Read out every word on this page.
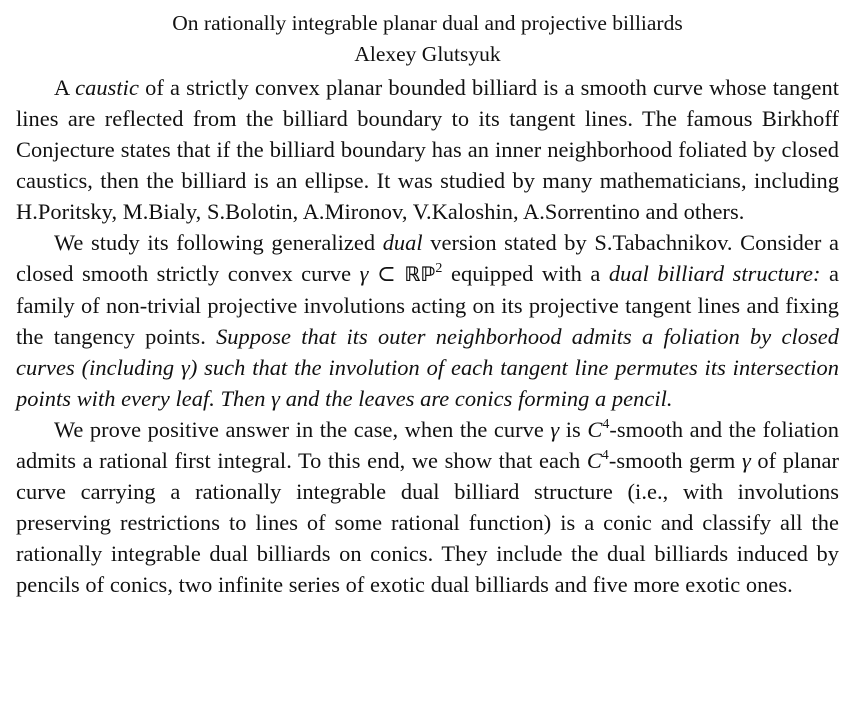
On rationally integrable planar dual and projective billiards
Alexey Glutsyuk

A caustic of a strictly convex planar bounded billiard is a smooth curve whose tangent lines are reflected from the billiard boundary to its tangent lines. The famous Birkhoff Conjecture states that if the billiard boundary has an inner neighborhood foliated by closed caustics, then the billiard is an ellipse. It was studied by many mathematicians, including H.Poritsky, M.Bialy, S.Bolotin, A.Mironov, V.Kaloshin, A.Sorrentino and others.

We study its following generalized dual version stated by S.Tabachnikov. Consider a closed smooth strictly convex curve γ ⊂ ℝℙ$^2$ equipped with a dual billiard structure: a family of non-trivial projective involutions acting on its projective tangent lines and fixing the tangency points. Suppose that its outer neighborhood admits a foliation by closed curves (including γ) such that the involution of each tangent line permutes its intersection points with every leaf. Then γ and the leaves are conics forming a pencil.

We prove positive answer in the case, when the curve γ is $C^4$-smooth and the foliation admits a rational first integral. To this end, we show that each $C^4$-smooth germ γ of planar curve carrying a rationally integrable dual billiard structure (i.e., with involutions preserving restrictions to lines of some rational function) is a conic and classify all the rationally integrable dual billiards on conics. They include the dual billiards induced by pencils of conics, two infinite series of exotic dual billiards and five more exotic ones.
